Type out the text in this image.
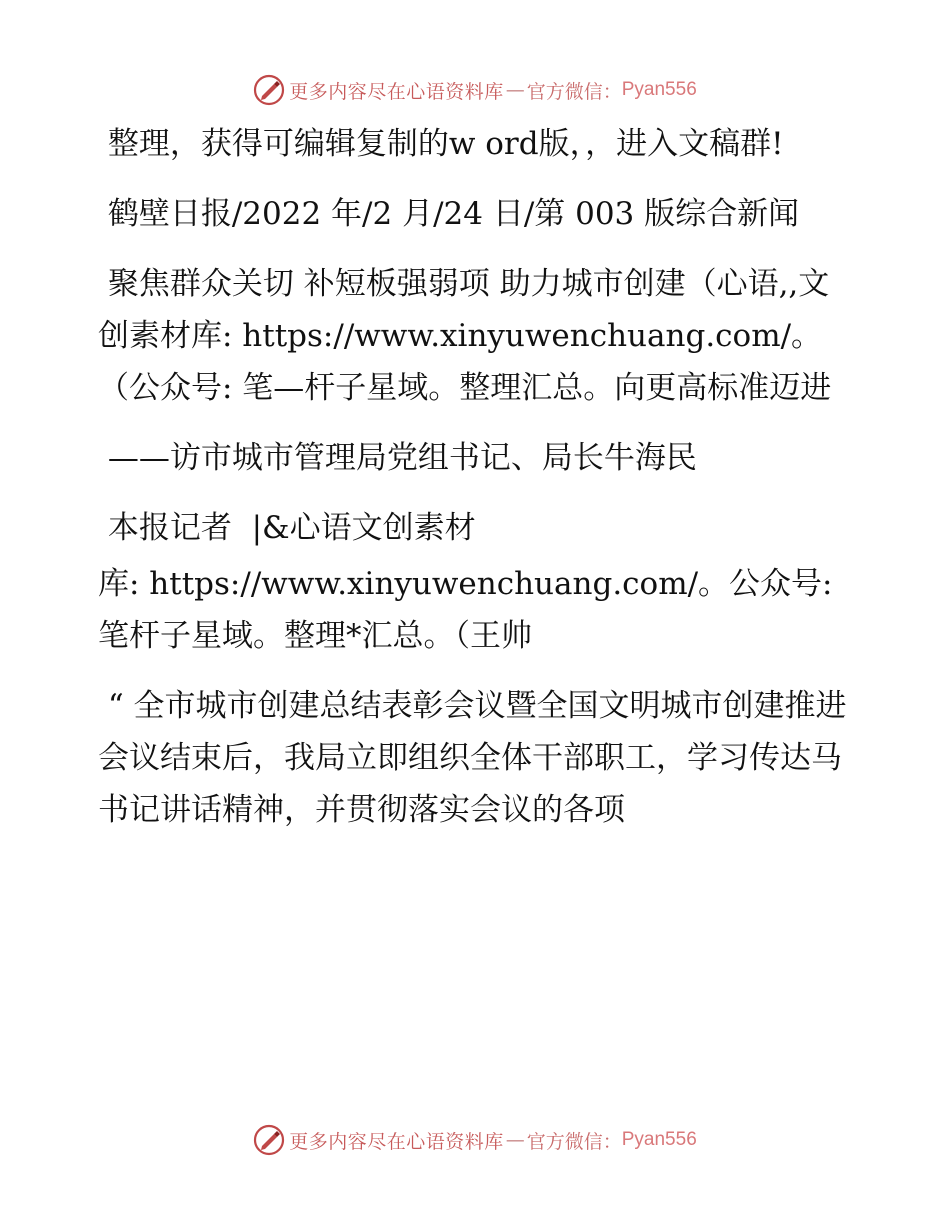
更多内容尽在心语资料库 — 官方微信： Pyan556

整理，获得可编辑复制的w ord版，，进入文稿群!

鹤壁日报/2022 年/2 月/24 日/第 003 版综合新闻

聚焦群众关切 补短板强弱项 助力城市创建（心语,,文创素材库: https://www.xinyuwenchuang.com/。（公众号: 笔—杆子星域。整理汇总。向更高标准迈进

——访市城市管理局党组书记、局长牛海民

本报记者  |&心语文创素材

库: https://www.xinyuwenchuang.com/。公众号: 笔杆子星域。整理*汇总。（王帅

“ 全市城市创建总结表彰会议暨全国文明城市创建推进会议结束后，我局立即组织全体干部职工，学习传达马书记讲话精神，并贯彻落实会议的各项

更多内容尽在心语资料库 — 官方微信： Pyan556
